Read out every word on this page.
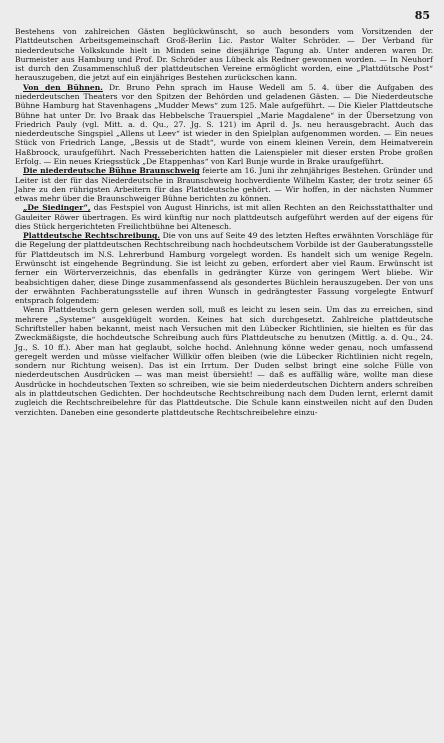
85

Bestehens von zahlreichen Gästen beglückwünscht, so auch besonders vom Vorsitzenden der Plattdeutschen Arbeitsgemeinschaft Groß-Berlin Lic. Pastor Walter Schröder. — Der Verband für niederdeutsche Volkskunde hielt in Minden seine diesjährige Tagung ab. Unter anderen waren Dr. Burmeister aus Hamburg und Prof. Dr. Schröder aus Lübeck als Redner gewonnen worden. — In Neuhorf ist durch den Zusammenschluß der plattdeutschen Vereine ermöglicht worden, eine „Plattdütsche Post“ herauszugeben, die jetzt auf ein einjähriges Bestehen zurückschen kann.

Von den Bühnen. Dr. Bruno Pehn sprach im Hause Wedell am 5. 4. über die Aufgaben des niederdeutschen Theaters vor den Spitzen der Behörden und geladenen Gästen. — Die Niederdeutsche Bühne Hamburg hat Stavenhagens „Mudder Mews“ zum 125. Male aufgeführt. — Die Kieler Plattdeutsche Bühne hat unter Dr. Ivo Braak das Hebbelsche Trauerspiel „Marie Magdalene“ in der Übersetzung von Friedrich Pauly (vgl. Mitt. a. d. Qu., 27. Jg. S. 121) im April d. Js. neu herausgebracht. Auch das niederdeutsche Singspiel „Allens ut Leev“ ist wieder in den Spielplan aufgenommen worden. — Ein neues Stück von Friedrich Lange, „Bessis ut de Stadt“, wurde von einem kleinen Verein, dem Heimatverein Haßbroock, uraufgeführt. Nach Presseberichten hatten die Laienspieler mit dieser ersten Probe großen Erfolg. — Ein neues Kriegsstück „De Etappenhas“ von Karl Bunje wurde in Brake uraufgeführt.

Die niederdeutsche Bühne Braunschweig feierte am 16. Juni ihr zehnjähriges Bestehen. Gründer und Leiter ist der für das Niederdeutsche in Braunschweig hochverdiente Wilhelm Kaster, der trotz seiner 65 Jahre zu den rührigsten Arbeitern für das Plattdeutsche gehört. — Wir hoffen, in der nächsten Nummer etwas mehr über die Braunschweiger Bühne berichten zu können.

„De Siedinger“, das Festspiel von August Hinrichs, ist mit allen Rechten an den Reichsstatthalter und Gauleiter Röwer übertragen. Es wird künftig nur noch plattdeutsch aufgeführt werden auf der eigens für dies Stück hergerichteten Freilichtbühne bei Altenesch.

Plattdeutsche Rechtschreibung. Die von uns auf Seite 49 des letzten Heftes erwähnten Vorschläge für die Regelung der plattdeutschen Rechtschreibung nach hochdeutschem Vorbilde ist der Gauberatungsstelle für Plattdeutsch im N.S. Lehrerbund Hamburg vorgelegt worden. Es handelt sich um wenige Regeln. Erwünscht ist eingehende Begründung. Sie ist leicht zu geben, erfordert aber viel Raum. Erwünscht ist ferner ein Wörterverzeichnis, das ebenfalls in gedrängter Kürze von geringem Wert bliebe. Wir beabsichtigen daher, diese Dinge zusammenfassend als gesondertes Büchlein herauszugeben. Der von uns der erwähnten Fachberatungsstelle auf ihren Wunsch in gedrängtester Fassung vorgelegte Entwurf entsprach folgendem:

Wenn Plattdeutsch gern gelesen werden soll, muß es leicht zu lesen sein. Um das zu erreichen, sind mehrere „Systeme“ ausgeklügelt worden. Keines hat sich durchgesetzt. Zahlreiche plattdeutsche Schriftsteller haben bekannt, meist nach Versuchen mit den Lübecker Richtlinien, sie hielten es für das Zweckmäßigste, die hochdeutsche Schreibung auch fürs Plattdeutsche zu benutzen (Mittlg. a. d. Qu., 24. Jg., S. 10 ff.). Aber man hat geglaubt, solche hochd. Anlehnung könne weder genau, noch umfassend geregelt werden und müsse vielfacher Willkür offen bleiben (wie die Lübecker Richtlinien nicht regeln, sondern nur Richtung weisen). Das ist ein Irrtum. Der Duden selbst bringt eine solche Fülle von niederdeutschen Ausdrücken — was man meist übersieht! — daß es auffällig wäre, wollte man diese Ausdrücke in hochdeutschen Texten so schreiben, wie sie beim niederdeutschen Dichtern anders schreiben als in plattdeutschen Gedichten. Der hochdeutsche Rechtschreibung nach dem Duden lernt, erlernt damit zugleich die Rechtschreibelehre für das Plattdeutsche. Die Schule kann einstweilen nicht auf den Duden verzichten. Daneben eine gesonderte plattdeutsche Rechtschreibelehre einzu-
